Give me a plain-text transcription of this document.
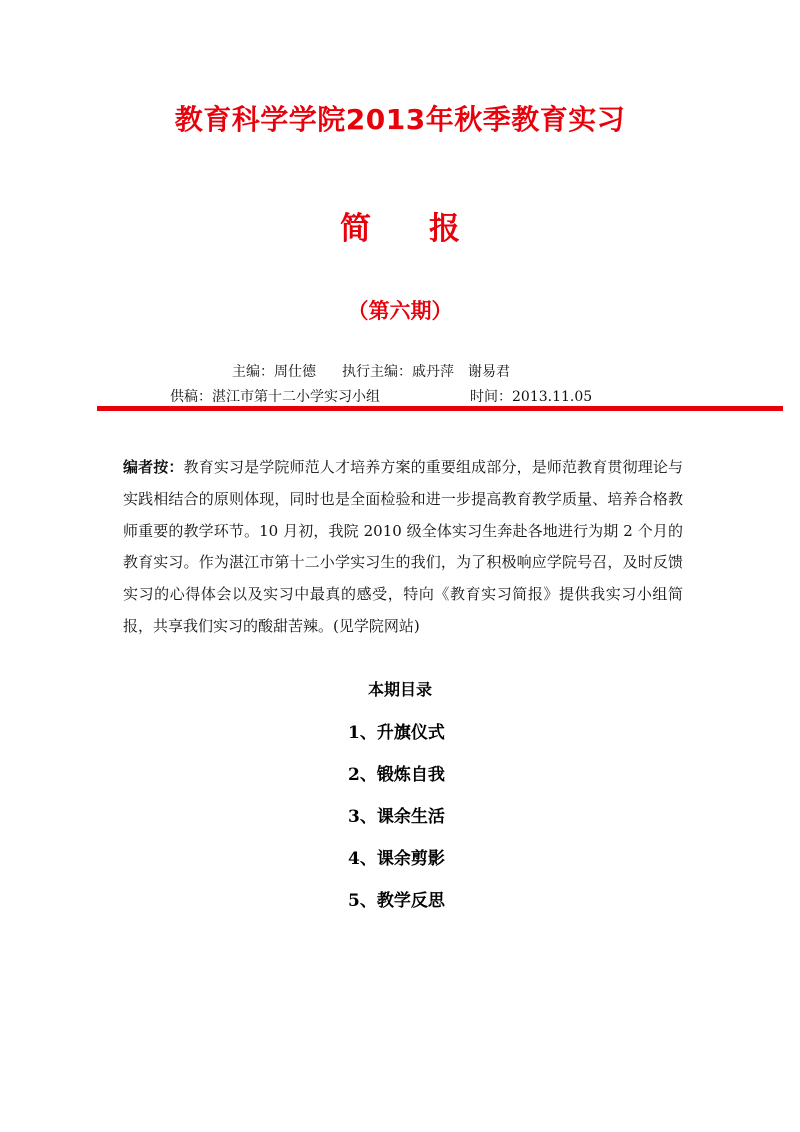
教育科学学院2013年秋季教育实习
简 报
（第六期）
主编：周仕德 执行主编：戚丹萍 谢易君
供稿：湛江市第十二小学实习小组	时间：2013.11.05
编者按：教育实习是学院师范人才培养方案的重要组成部分，是师范教育贯彻理论与实践相结合的原则体现，同时也是全面检验和进一步提高教育教学质量、培养合格教师重要的教学环节。10 月初，我院 2010 级全体实习生奔赴各地进行为期 2 个月的教育实习。作为湛江市第十二小学实习生的我们，为了积极响应学院号召，及时反馈实习的心得体会以及实习中最真的感受，特向《教育实习简报》提供我实习小组简报，共享我们实习的酸甜苦辣。(见学院网站)
本期目录
1、升旗仪式
2、锻炼自我
3、课余生活
4、课余剪影
5、教学反思
